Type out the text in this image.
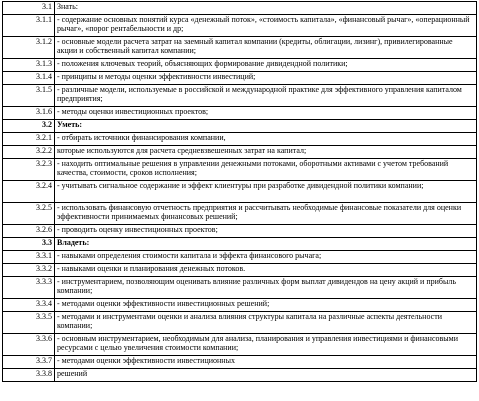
3.1	Знать:
3.1.1	- содержание основных понятий курса «денежный поток», «стоимость капитала», «финансовый рычаг», «операционный рычаг», «порог рентабельности и др;
3.1.2	- основные модели расчета затрат на заемный капитал компании (кредиты, облигации, лизинг), привилегированные акции и собственный капитал компании;
3.1.3	- положения ключевых теорий, объясняющих формирование дивидендной политики;
3.1.4	- принципы и методы оценки эффективности инвестиций;
3.1.5	- различные модели, используемые в российской и международной практике для эффективного управления капиталом предприятия;
3.1.6	- методы оценки инвестиционных проектов;
3.2	Уметь:
3.2.1	- отбирать источники финансирования компании,
3.2.2	которые используются для расчета средневзвешенных затрат на капитал;
3.2.3	- находить оптимальные решения в управлении денежными потоками, оборотными активами с учетом требований качества, стоимости, сроков исполнения;
3.2.4	- учитывать сигнальное содержание и эффект клиентуры при разработке дивидендной политики компании;
3.2.5	- использовать финансовую отчетность предприятия и рассчитывать необходимые финансовые показатели для оценки эффективности принимаемых финансовых решений;
3.2.6	- проводить оценку инвестиционных проектов;
3.3	Владеть:
3.3.1	- навыками определения стоимости капитала и эффекта финансового рычага;
3.3.2	- навыками оценки и планирования денежных потоков.
3.3.3	- инструментарием, позволяющим оценивать влияние различных форм выплат дивидендов на цену акций и прибыль компании;
3.3.4	- методами оценки эффективности инвестиционных решений;
3.3.5	- методами и инструментами оценки и анализа влияния структуры капитала на различные аспекты деятельности компании;
3.3.6	- основным инструментарием, необходимым для анализа, планирования и управления инвестициями и финансовыми ресурсами с целью увеличения стоимости компании;
3.3.7	- методами оценки эффективности инвестиционных
3.3.8	решений
